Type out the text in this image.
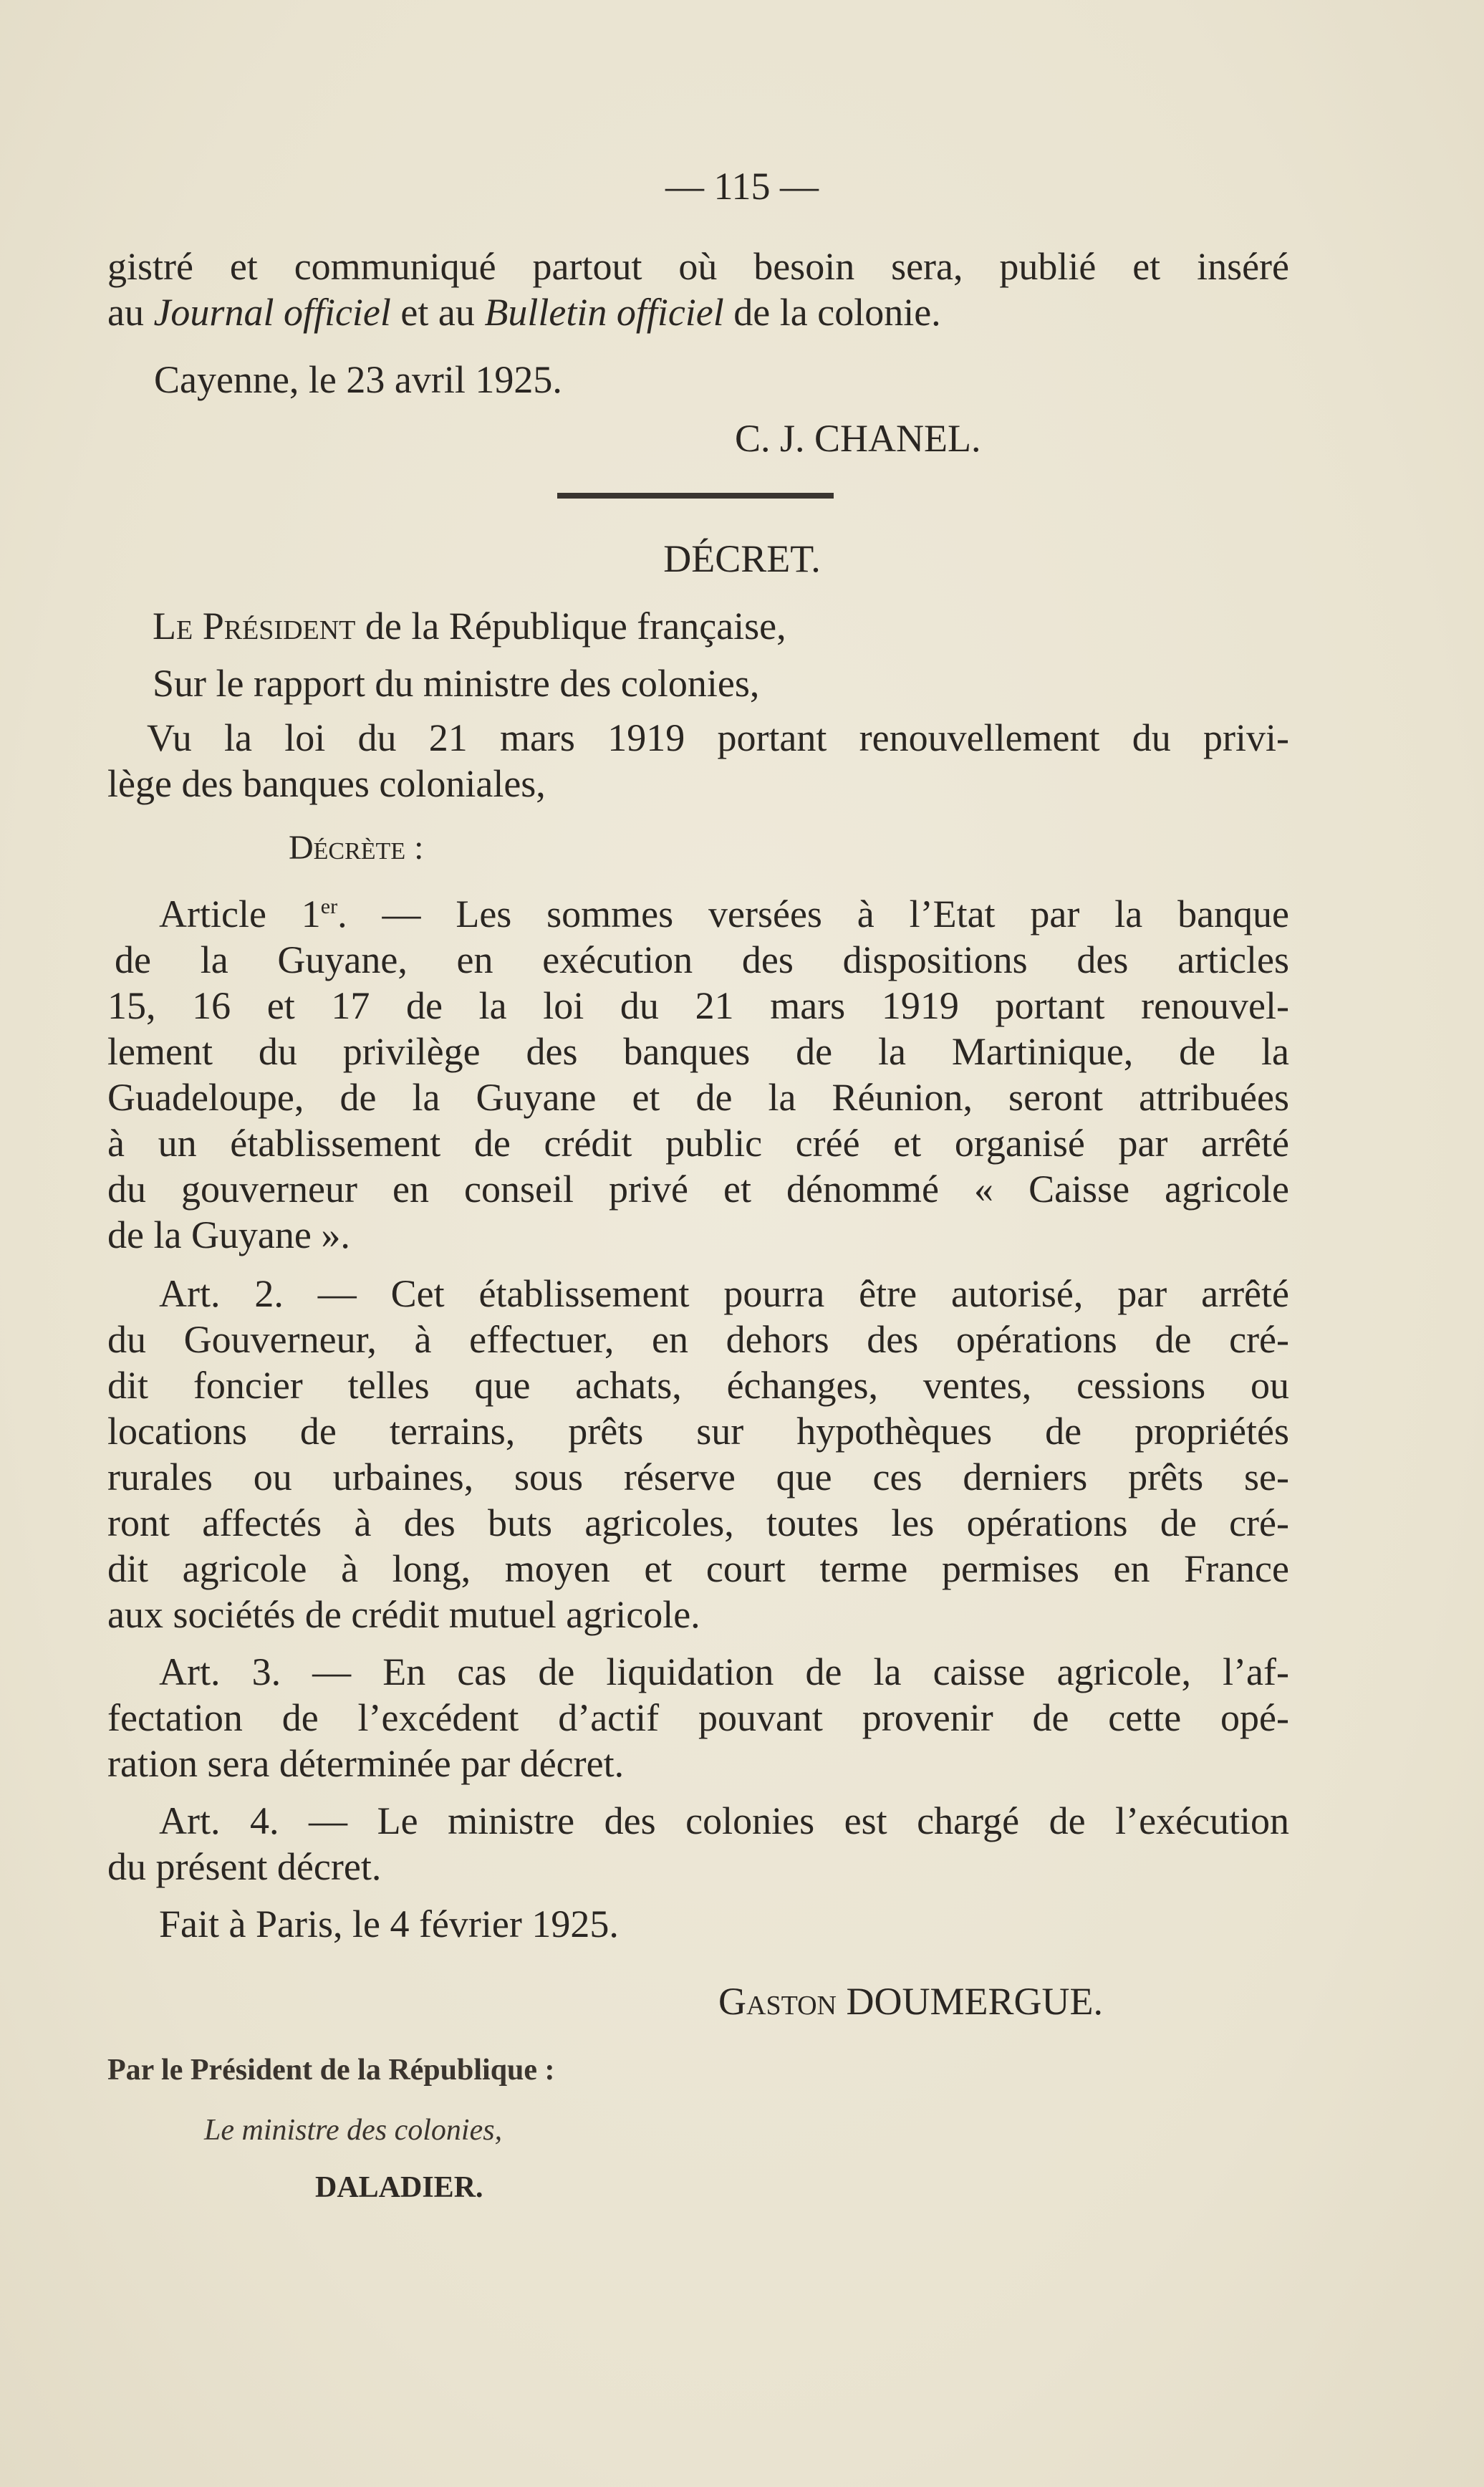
— 115 —
gistré et communiqué partout où besoin sera, publié et inséré
au Journal officiel et au Bulletin officiel de la colonie.
Cayenne, le 23 avril 1925.
C. J. CHANEL.
DÉCRET.
Le Président de la République française,
Sur le rapport du ministre des colonies,
Vu la loi du 21 mars 1919 portant renouvellement du privi-
lège des banques coloniales,
Décrète :
Article 1er. — Les sommes versées à l’Etat par la banque
de la Guyane, en exécution des dispositions des articles
15, 16 et 17 de la loi du 21 mars 1919 portant renouvel-
lement du privilège des banques de la Martinique, de la
Guadeloupe, de la Guyane et de la Réunion, seront attribuées
à un établissement de crédit public créé et organisé par arrêté
du gouverneur en conseil privé et dénommé « Caisse agricole
de la Guyane ».
Art. 2. — Cet établissement pourra être autorisé, par arrêté
du Gouverneur, à effectuer, en dehors des opérations de cré-
dit foncier telles que achats, échanges, ventes, cessions ou
locations de terrains, prêts sur hypothèques de propriétés
rurales ou urbaines, sous réserve que ces derniers prêts se-
ront affectés à des buts agricoles, toutes les opérations de cré-
dit agricole à long, moyen et court terme permises en France
aux sociétés de crédit mutuel agricole.
Art. 3. — En cas de liquidation de la caisse agricole, l’af-
fectation de l’excédent d’actif pouvant provenir de cette opé-
ration sera déterminée par décret.
Art. 4. — Le ministre des colonies est chargé de l’exécution
du présent décret.
Fait à Paris, le 4 février 1925.
Gaston DOUMERGUE.
Par le Président de la République :
Le ministre des colonies,
DALADIER.
